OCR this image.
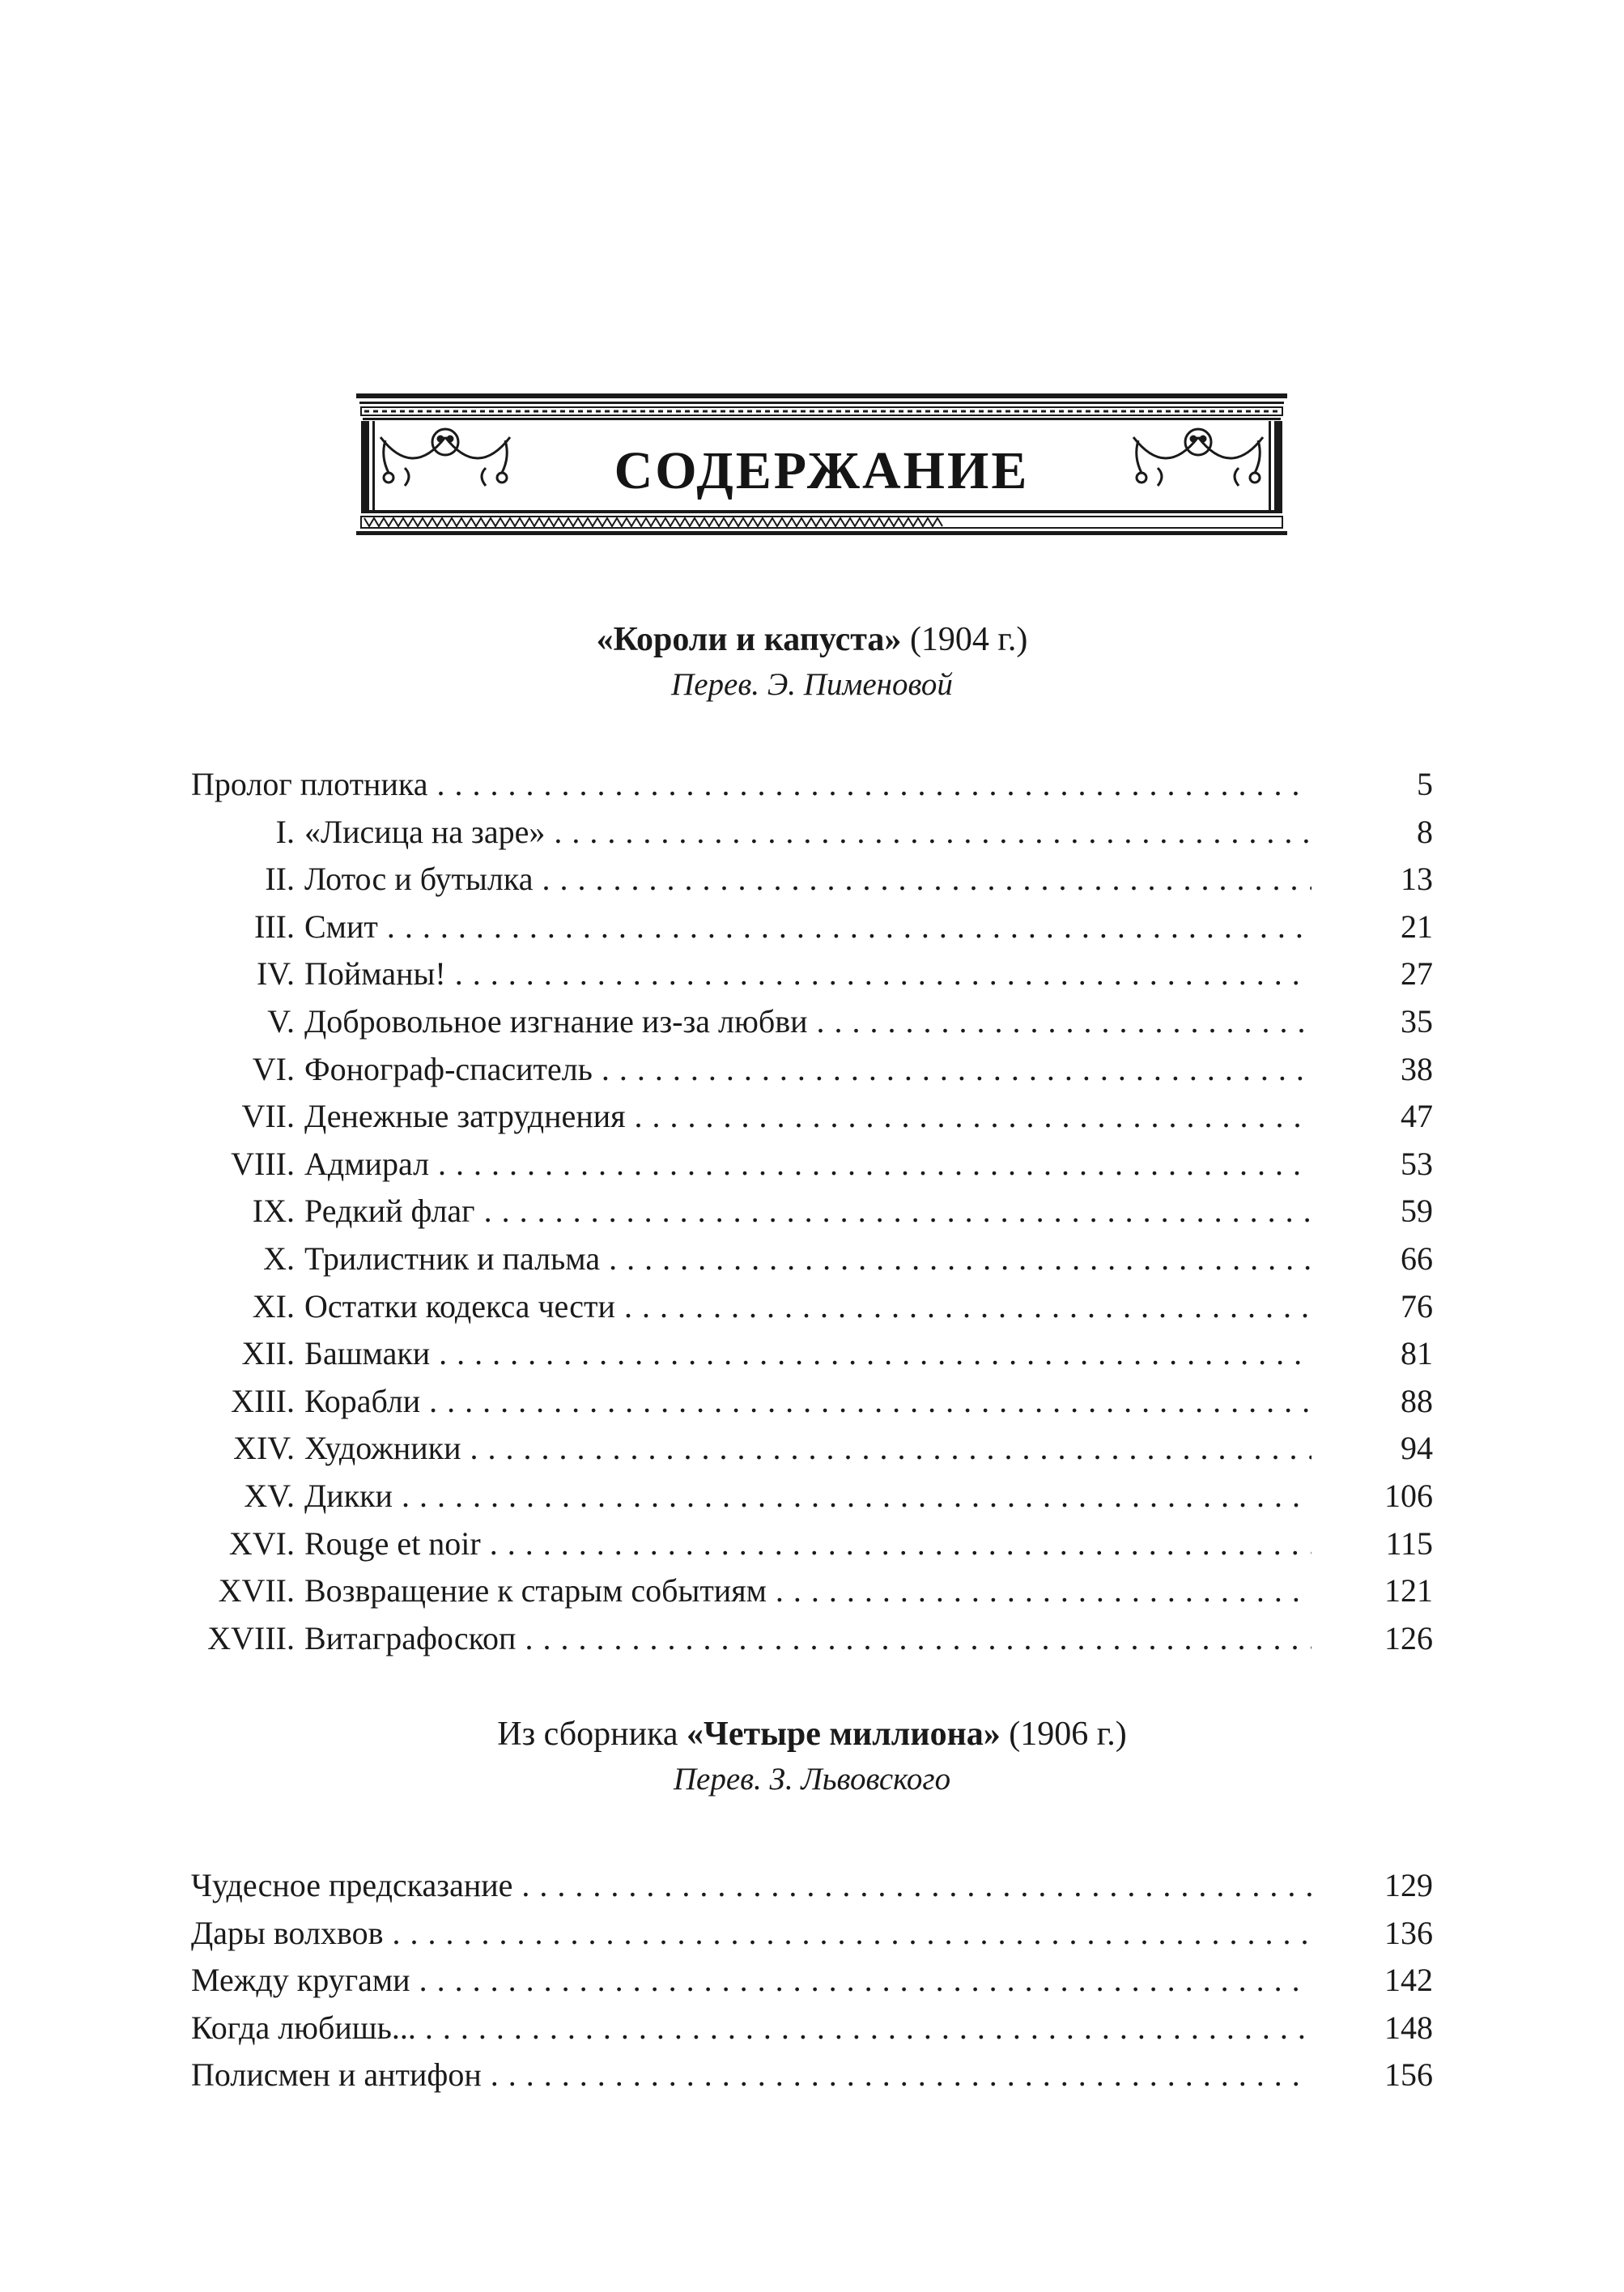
СОДЕРЖАНИЕ
«Короли и капуста» (1904 г.)
Перев. Э. Пименовой
Пролог плотника . . .	5
I. «Лисица на заре» . . .	8
II. Лотос и бутылка . . .	13
III. Смит . . .	21
IV. Пойманы! . . .	27
V. Добровольное изгнание из-за любви . . .	35
VI. Фонограф-спаситель . . .	38
VII. Денежные затруднения . . .	47
VIII. Адмирал . . .	53
IX. Редкий флаг . . .	59
X. Трилистник и пальма . . .	66
XI. Остатки кодекса чести . . .	76
XII. Башмаки . . .	81
XIII. Корабли . . .	88
XIV. Художники . . .	94
XV. Дикки . . .	106
XVI. Rouge et noir . . .	115
XVII. Возвращение к старым событиям . . .	121
XVIII. Витаграфоскоп . . .	126
Из сборника «Четыре миллиона» (1906 г.)
Перев. З. Львовского
Чудесное предсказание . . .	129
Дары волхвов . . .	136
Между кругами . . .	142
Когда любишь... . . .	148
Полисмен и антифон . . .	156
